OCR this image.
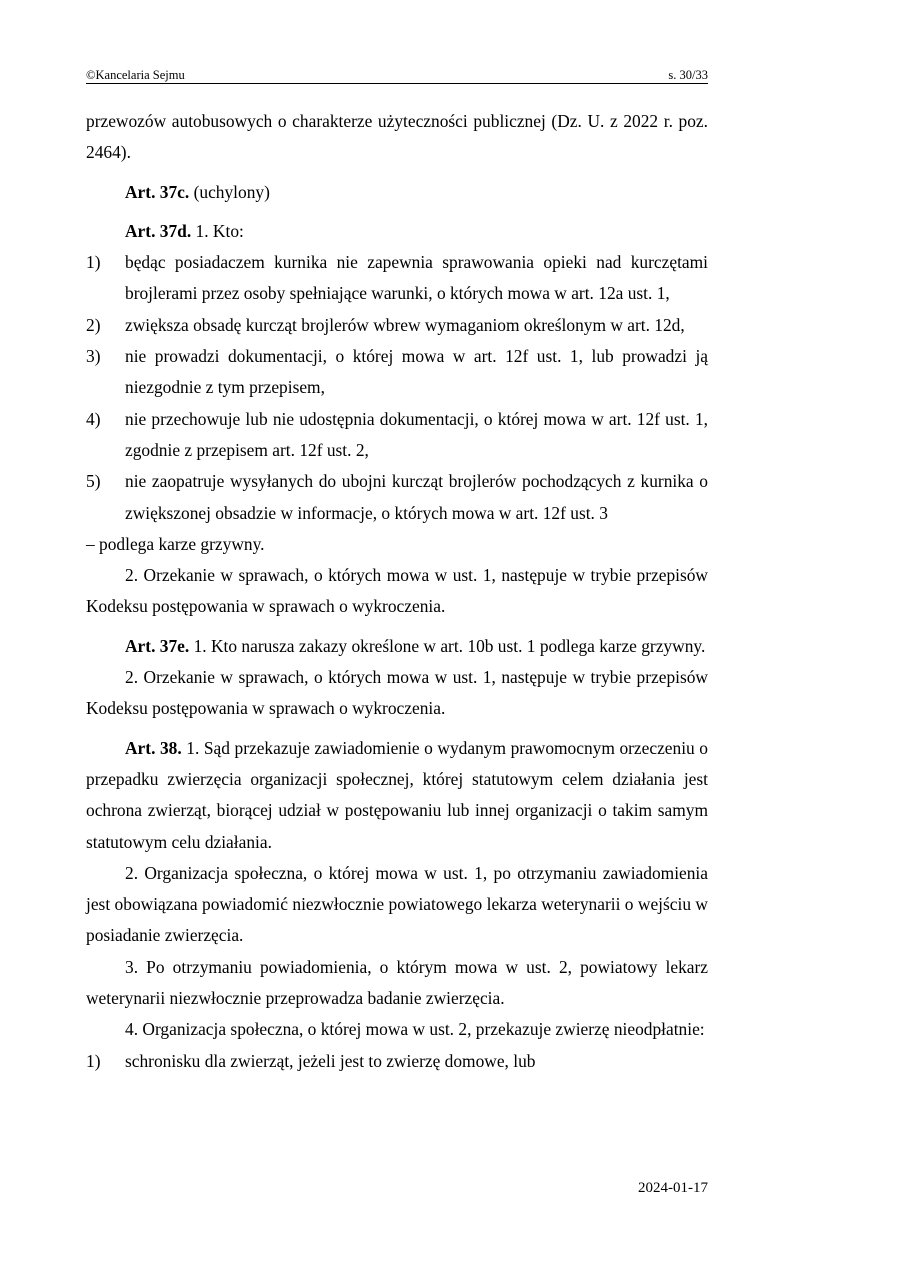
©Kancelaria Sejmu	s. 30/33

przewozów autobusowych o charakterze użyteczności publicznej (Dz. U. z 2022 r. poz. 2464).

Art. 37c. (uchylony)

Art. 37d. 1. Kto:

1) będąc posiadaczem kurnika nie zapewnia sprawowania opieki nad kurczętami brojlerami przez osoby spełniające warunki, o których mowa w art. 12a ust. 1,

2) zwiększa obsadę kurcząt brojlerów wbrew wymaganiom określonym w art. 12d,

3) nie prowadzi dokumentacji, o której mowa w art. 12f ust. 1, lub prowadzi ją niezgodnie z tym przepisem,

4) nie przechowuje lub nie udostępnia dokumentacji, o której mowa w art. 12f ust. 1, zgodnie z przepisem art. 12f ust. 2,

5) nie zaopatruje wysyłanych do ubojni kurcząt brojlerów pochodzących z kurnika o zwiększonej obsadzie w informacje, o których mowa w art. 12f ust. 3

– podlega karze grzywny.

2. Orzekanie w sprawach, o których mowa w ust. 1, następuje w trybie przepisów Kodeksu postępowania w sprawach o wykroczenia.

Art. 37e. 1. Kto narusza zakazy określone w art. 10b ust. 1 podlega karze grzywny.

2. Orzekanie w sprawach, o których mowa w ust. 1, następuje w trybie przepisów Kodeksu postępowania w sprawach o wykroczenia.

Art. 38. 1. Sąd przekazuje zawiadomienie o wydanym prawomocnym orzeczeniu o przepadku zwierzęcia organizacji społecznej, której statutowym celem działania jest ochrona zwierząt, biorącej udział w postępowaniu lub innej organizacji o takim samym statutowym celu działania.

2. Organizacja społeczna, o której mowa w ust. 1, po otrzymaniu zawiadomienia jest obowiązana powiadomić niezwłocznie powiatowego lekarza weterynarii o wejściu w posiadanie zwierzęcia.

3. Po otrzymaniu powiadomienia, o którym mowa w ust. 2, powiatowy lekarz weterynarii niezwłocznie przeprowadza badanie zwierzęcia.

4. Organizacja społeczna, o której mowa w ust. 2, przekazuje zwierzę nieodpłatnie:

1) schronisku dla zwierząt, jeżeli jest to zwierzę domowe, lub

2024-01-17
